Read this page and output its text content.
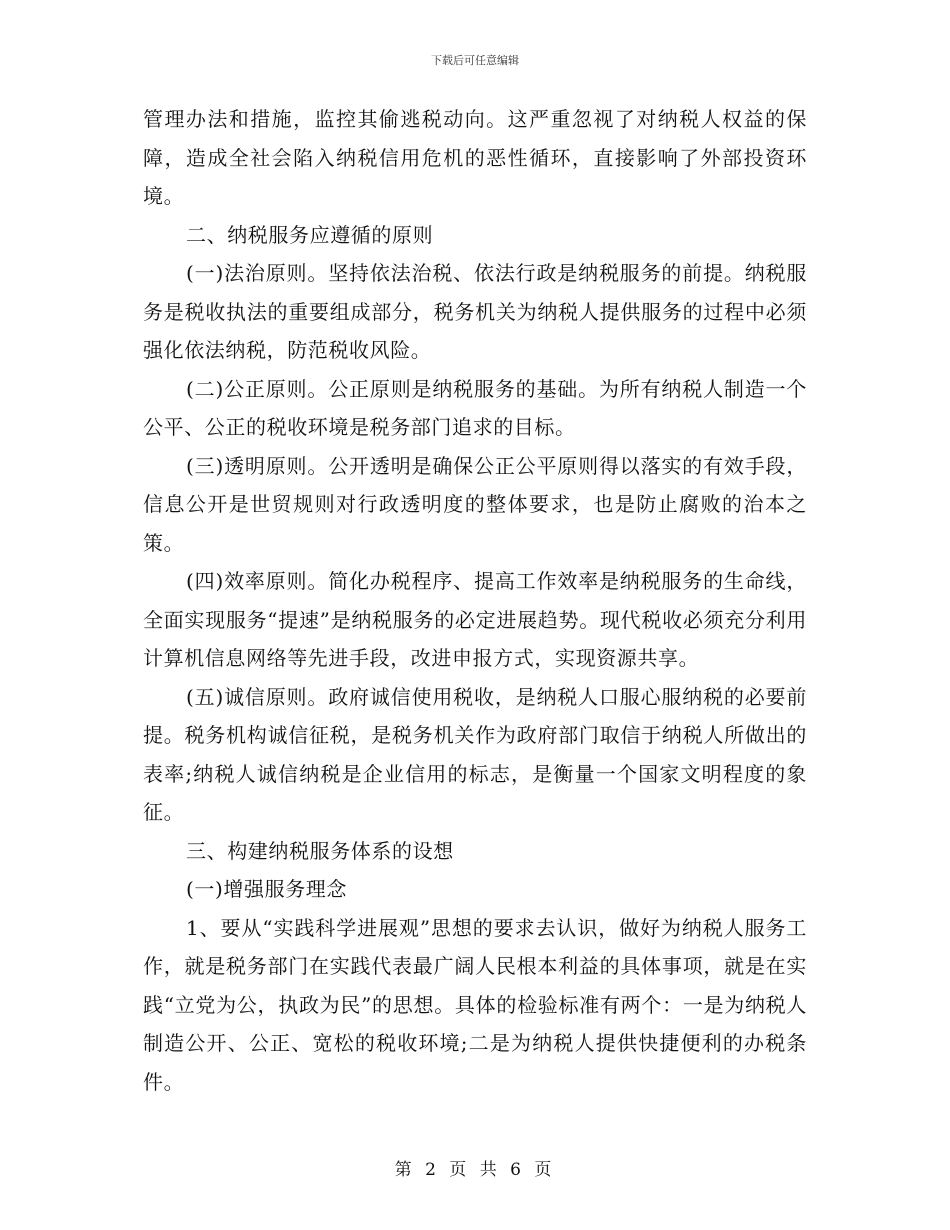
下载后可任意编辑

管理办法和措施，监控其偷逃税动向。这严重忽视了对纳税人权益的保障，造成全社会陷入纳税信用危机的恶性循环，直接影响了外部投资环境。

二、纳税服务应遵循的原则

(一)法治原则。坚持依法治税、依法行政是纳税服务的前提。纳税服务是税收执法的重要组成部分，税务机关为纳税人提供服务的过程中必须强化依法纳税，防范税收风险。

(二)公正原则。公正原则是纳税服务的基础。为所有纳税人制造一个公平、公正的税收环境是税务部门追求的目标。

(三)透明原则。公开透明是确保公正公平原则得以落实的有效手段，信息公开是世贸规则对行政透明度的整体要求，也是防止腐败的治本之策。

(四)效率原则。简化办税程序、提高工作效率是纳税服务的生命线，全面实现服务“提速”是纳税服务的必定进展趋势。现代税收必须充分利用计算机信息网络等先进手段，改进申报方式，实现资源共享。

(五)诚信原则。政府诚信使用税收，是纳税人口服心服纳税的必要前提。税务机构诚信征税，是税务机关作为政府部门取信于纳税人所做出的表率;纳税人诚信纳税是企业信用的标志，是衡量一个国家文明程度的象征。

三、构建纳税服务体系的设想

(一)增强服务理念

1、要从“实践科学进展观”思想的要求去认识，做好为纳税人服务工作，就是税务部门在实践代表最广阔人民根本利益的具体事项，就是在实践“立党为公，执政为民”的思想。具体的检验标准有两个：一是为纳税人制造公开、公正、宽松的税收环境;二是为纳税人提供快捷便利的办税条件。

第 2 页 共 6 页
